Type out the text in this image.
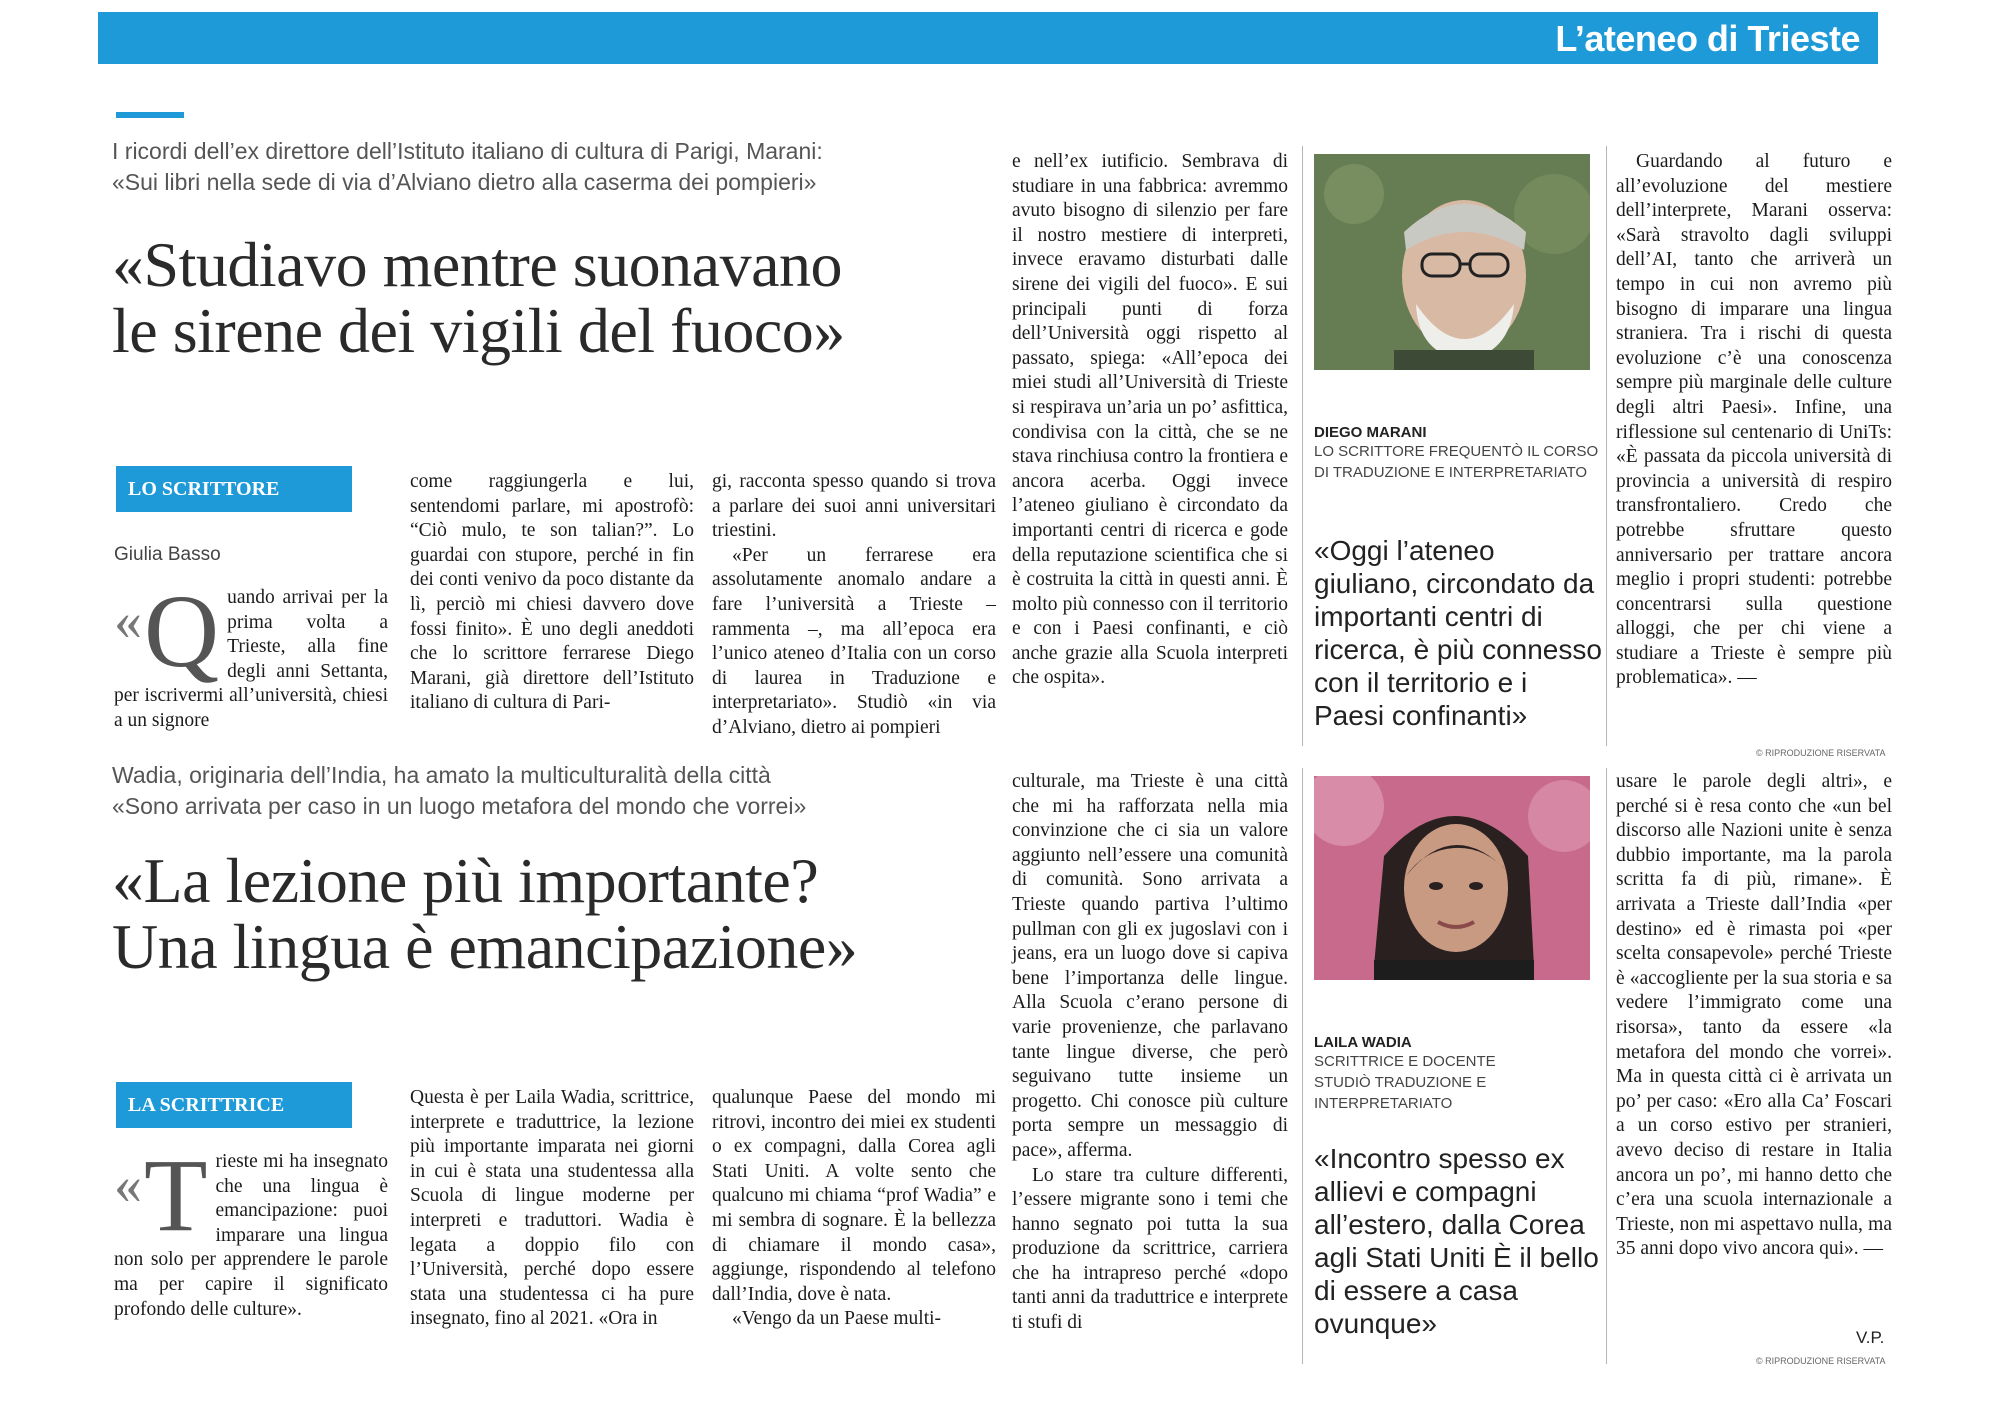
L’ateneo di Trieste
I ricordi dell’ex direttore dell’Istituto italiano di cultura di Parigi, Marani:
«Sui libri nella sede di via d’Alviano dietro alla caserma dei pompieri»
«Studiavo mentre suonavano
le sirene dei vigili del fuoco»
LO SCRITTORE
Giulia Basso
« Q uando arrivai per la prima volta a Trieste, alla fine degli anni Settanta, per iscrivermi all’università, chiesi a un signore
come raggiungerla e lui, sentendomi parlare, mi apostrofò: “Ciò mulo, te son talian?”. Lo guardai con stupore, perché in fin dei conti venivo da poco distante da lì, perciò mi chiesi davvero dove fossi finito». È uno degli aneddoti che lo scrittore ferrarese Diego Marani, già direttore dell’Istituto italiano di cultura di Pari-

gi, racconta spesso quando si trova a parlare dei suoi anni universitari triestini.

«Per un ferrarese era assolutamente anomalo andare a fare l’università a Trieste – rammenta –, ma all’epoca era l’unico ateneo d’Italia con un corso di laurea in Traduzione e interpretariato». Studiò «in via d’Alviano, dietro ai pompieri

e nell’ex iutificio. Sembrava di studiare in una fabbrica: avremmo avuto bisogno di silenzio per fare il nostro mestiere di interpreti, invece eravamo disturbati dalle sirene dei vigili del fuoco». E sui principali punti di forza dell’Università oggi rispetto al passato, spiega: «All’epoca dei miei studi all’Università di Trieste si respirava un’aria un po’ asfittica, condivisa con la città, che se ne stava rinchiusa contro la frontiera e ancora acerba. Oggi invece l’ateneo giuliano è circondato da importanti centri di ricerca e gode della reputazione scientifica che si è costruita la città in questi anni. È molto più connesso con il territorio e con i Paesi confinanti, e ciò anche grazie alla Scuola interpreti che ospita».
DIEGO MARANI
LO SCRITTORE FREQUENTÒ IL CORSO
DI TRADUZIONE E INTERPRETARIATO
«Oggi l’ateneo giuliano, circondato da importanti centri di ricerca, è più connesso con il territorio e i Paesi confinanti»
Guardando al futuro e all’evoluzione del mestiere dell’interprete, Marani osserva: «Sarà stravolto dagli sviluppi dell’AI, tanto che arriverà un tempo in cui non avremo più bisogno di imparare una lingua straniera. Tra i rischi di questa evoluzione c’è una conoscenza sempre più marginale delle culture degli altri Paesi». Infine, una riflessione sul centenario di UniTs: «È passata da piccola università di provincia a università di respiro transfrontaliero. Credo che potrebbe sfruttare questo anniversario per trattare ancora meglio i propri studenti: potrebbe concentrarsi sulla questione alloggi, che per chi viene a studiare a Trieste è sempre più problematica». —
© RIPRODUZIONE RISERVATA
Wadia, originaria dell’India, ha amato la multiculturalità della città
«Sono arrivata per caso in un luogo metafora del mondo che vorrei»
«La lezione più importante?
Una lingua è emancipazione»
LA SCRITTRICE
« T rieste mi ha insegnato che una lingua è emancipazione: puoi imparare una lingua non solo per apprendere le parole ma per capire il significato profondo delle culture».
Questa è per Laila Wadia, scrittrice, interprete e traduttrice, la lezione più importante imparata nei giorni in cui è stata una studentessa alla Scuola di lingue moderne per interpreti e traduttori. Wadia è legata a doppio filo con l’Università, perché dopo essere stata una studentessa ci ha pure insegnato, fino al 2021. «Ora in

qualunque Paese del mondo mi ritrovi, incontro dei miei ex studenti o ex compagni, dalla Corea agli Stati Uniti. A volte sento che qualcuno mi chiama “prof Wadia” e mi sembra di sognare. È la bellezza di chiamare il mondo casa», aggiunge, rispondendo al telefono dall’India, dove è nata.

«Vengo da un Paese multi-

culturale, ma Trieste è una città che mi ha rafforzata nella mia convinzione che ci sia un valore aggiunto nell’essere una comunità di comunità. Sono arrivata a Trieste quando partiva l’ultimo pullman con gli ex jugoslavi con i jeans, era un luogo dove si capiva bene l’importanza delle lingue. Alla Scuola c’erano persone di varie provenienze, che parlavano tante lingue diverse, che però seguivano tutte insieme un progetto. Chi conosce più culture porta sempre un messaggio di pace», afferma.

Lo stare tra culture differenti, l’essere migrante sono i temi che hanno segnato poi tutta la sua produzione da scrittrice, carriera che ha intrapreso perché «dopo tanti anni da traduttrice e interprete ti stufi di

LAILA WADIA
SCRITTRICE E DOCENTE
STUDIÒ TRADUZIONE E INTERPRETARIATO
«Incontro spesso ex allievi e compagni all’estero, dalla Corea agli Stati Uniti È il bello di essere a casa ovunque»
usare le parole degli altri», e perché si è resa conto che «un bel discorso alle Nazioni unite è senza dubbio importante, ma la parola scritta fa di più, rimane». È arrivata a Trieste dall’India «per destino» ed è rimasta poi «per scelta consapevole» perché Trieste è «accogliente per la sua storia e sa vedere l’immigrato come una risorsa», tanto da essere «la metafora del mondo che vorrei». Ma in questa città ci è arrivata un po’ per caso: «Ero alla Ca’ Foscari a un corso estivo per stranieri, avevo deciso di restare in Italia ancora un po’, mi hanno detto che c’era una scuola internazionale a Trieste, non mi aspettavo nulla, ma 35 anni dopo vivo ancora qui». —
V.P.
© RIPRODUZIONE RISERVATA
